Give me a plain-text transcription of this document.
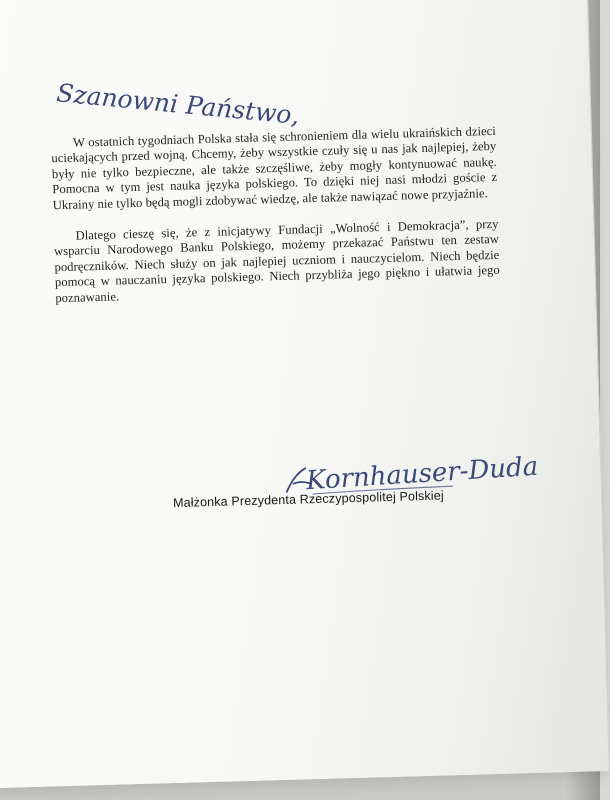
Szanowni Państwo,

W ostatnich tygodniach Polska stała się schronieniem dla wielu ukraińskich dzieci uciekających przed wojną. Chcemy, żeby wszystkie czuły się u nas jak najlepiej, żeby były nie tylko bezpieczne, ale także szczęśliwe, żeby mogły kontynuować naukę. Pomocna w tym jest nauka języka polskiego. To dzięki niej nasi młodzi goście z Ukrainy nie tylko będą mogli zdobywać wiedzę, ale także nawiązać nowe przyjaźnie.

Dlatego cieszę się, że z inicjatywy Fundacji „Wolność i Demokracja”, przy wsparciu Narodowego Banku Polskiego, możemy przekazać Państwu ten zestaw podręczników. Niech służy on jak najlepiej uczniom i nauczycielom. Niech będzie pomocą w nauczaniu języka polskiego. Niech przybliża jego piękno i ułatwia jego poznawanie.

Kornhauser-Duda
Małżonka Prezydenta Rzeczypospolitej Polskiej
